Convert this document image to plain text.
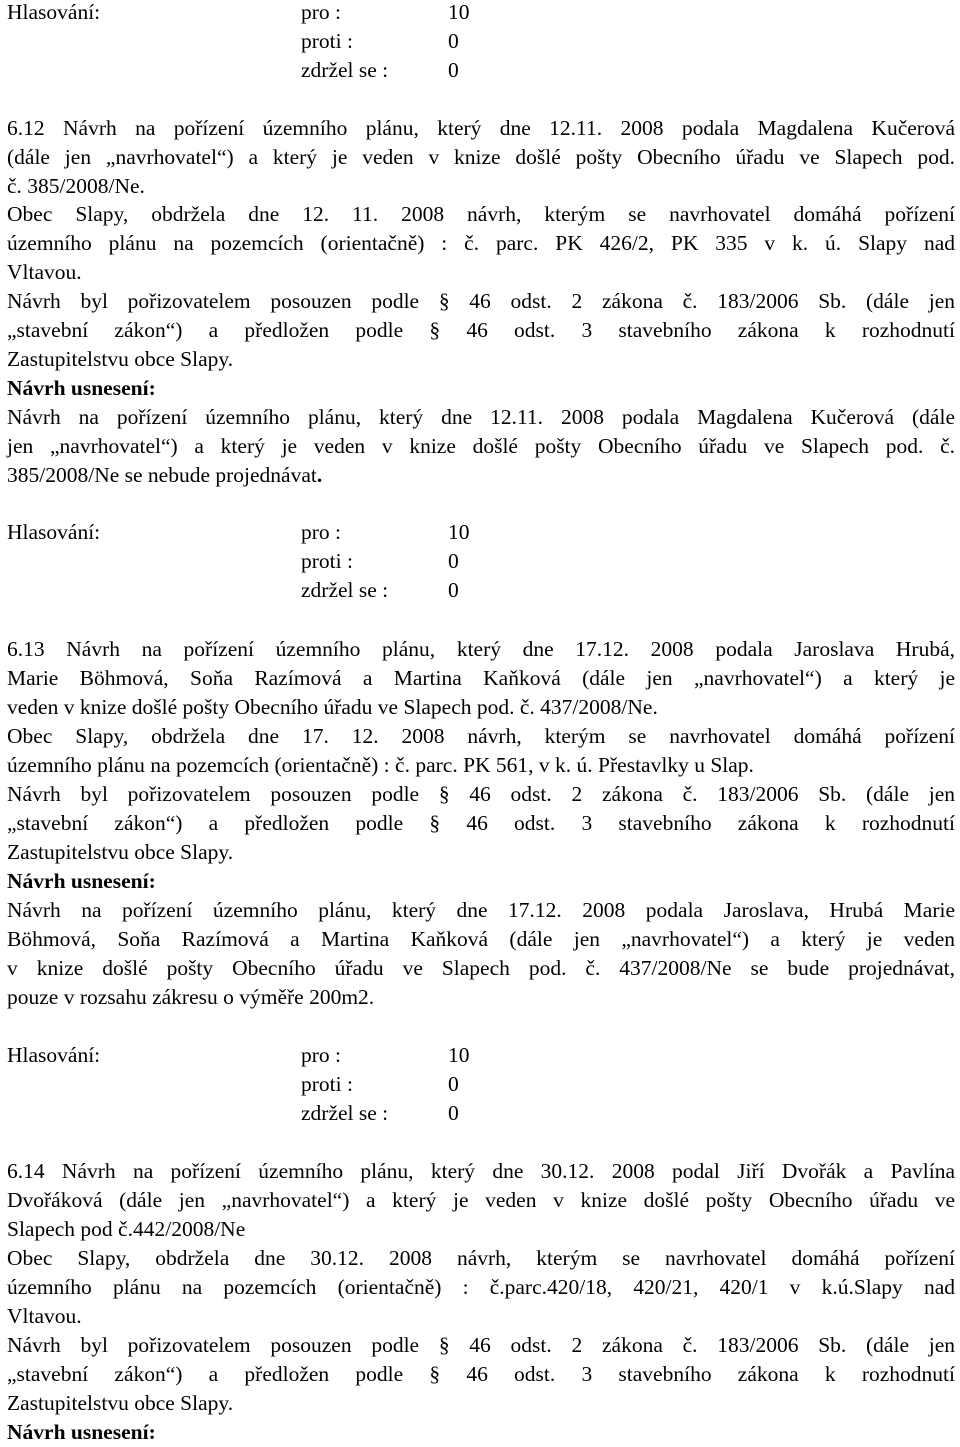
Hlasování:	pro :	10
proti :	0
zdržel se :	0
6.12 Návrh na pořízení územního plánu, který dne 12.11. 2008 podala Magdalena Kučerová
(dále jen „navrhovatel“) a který je veden v knize došlé pošty Obecního úřadu ve Slapech pod.
č. 385/2008/Ne.
Obec Slapy, obdržela dne 12. 11. 2008 návrh, kterým se navrhovatel domáhá pořízení
územního plánu na pozemcích (orientačně) : č. parc. PK 426/2, PK 335 v k. ú. Slapy nad
Vltavou.
Návrh byl pořizovatelem posouzen podle § 46 odst. 2 zákona č. 183/2006 Sb. (dále jen
„stavební zákon“) a předložen podle § 46 odst. 3 stavebního zákona k rozhodnutí
Zastupitelstvu obce Slapy.
Návrh usnesení:
Návrh na pořízení územního plánu, který dne 12.11. 2008 podala Magdalena Kučerová (dále
jen „navrhovatel“) a který je veden v knize došlé pošty Obecního úřadu ve Slapech pod. č.
385/2008/Ne se nebude projednávat.
Hlasování:	pro :	10
proti :	0
zdržel se :	0
6.13 Návrh na pořízení územního plánu, který dne 17.12. 2008 podala Jaroslava Hrubá,
Marie Böhmová, Soňa Razímová a Martina Kaňková (dále jen „navrhovatel“) a který je
veden v knize došlé pošty Obecního úřadu ve Slapech pod. č. 437/2008/Ne.
Obec Slapy, obdržela dne 17. 12. 2008 návrh, kterým se navrhovatel domáhá pořízení
územního plánu na pozemcích (orientačně) : č. parc. PK 561, v k. ú. Přestavlky u Slap.
Návrh byl pořizovatelem posouzen podle § 46 odst. 2 zákona č. 183/2006 Sb. (dále jen
„stavební zákon“) a předložen podle § 46 odst. 3 stavebního zákona k rozhodnutí
Zastupitelstvu obce Slapy.
Návrh usnesení:
Návrh na pořízení územního plánu, který dne 17.12. 2008 podala Jaroslava, Hrubá Marie
Böhmová, Soňa Razímová a Martina Kaňková (dále jen „navrhovatel“) a který je veden
v knize došlé pošty Obecního úřadu ve Slapech pod. č. 437/2008/Ne se bude projednávat,
pouze v rozsahu zákresu o výměře 200m2.
Hlasování:	pro :	10
proti :	0
zdržel se :	0
6.14 Návrh na pořízení územního plánu, který dne 30.12. 2008 podal Jiří Dvořák a Pavlína
Dvořáková (dále jen „navrhovatel“) a který je veden v knize došlé pošty Obecního úřadu ve
Slapech pod č.442/2008/Ne
Obec Slapy, obdržela dne 30.12. 2008 návrh, kterým se navrhovatel domáhá pořízení
územního plánu na pozemcích (orientačně) : č.parc.420/18, 420/21, 420/1 v k.ú.Slapy nad
Vltavou.
Návrh byl pořizovatelem posouzen podle § 46 odst. 2 zákona č. 183/2006 Sb. (dále jen
„stavební zákon“) a předložen podle § 46 odst. 3 stavebního zákona k rozhodnutí
Zastupitelstvu obce Slapy.
Návrh usnesení:
